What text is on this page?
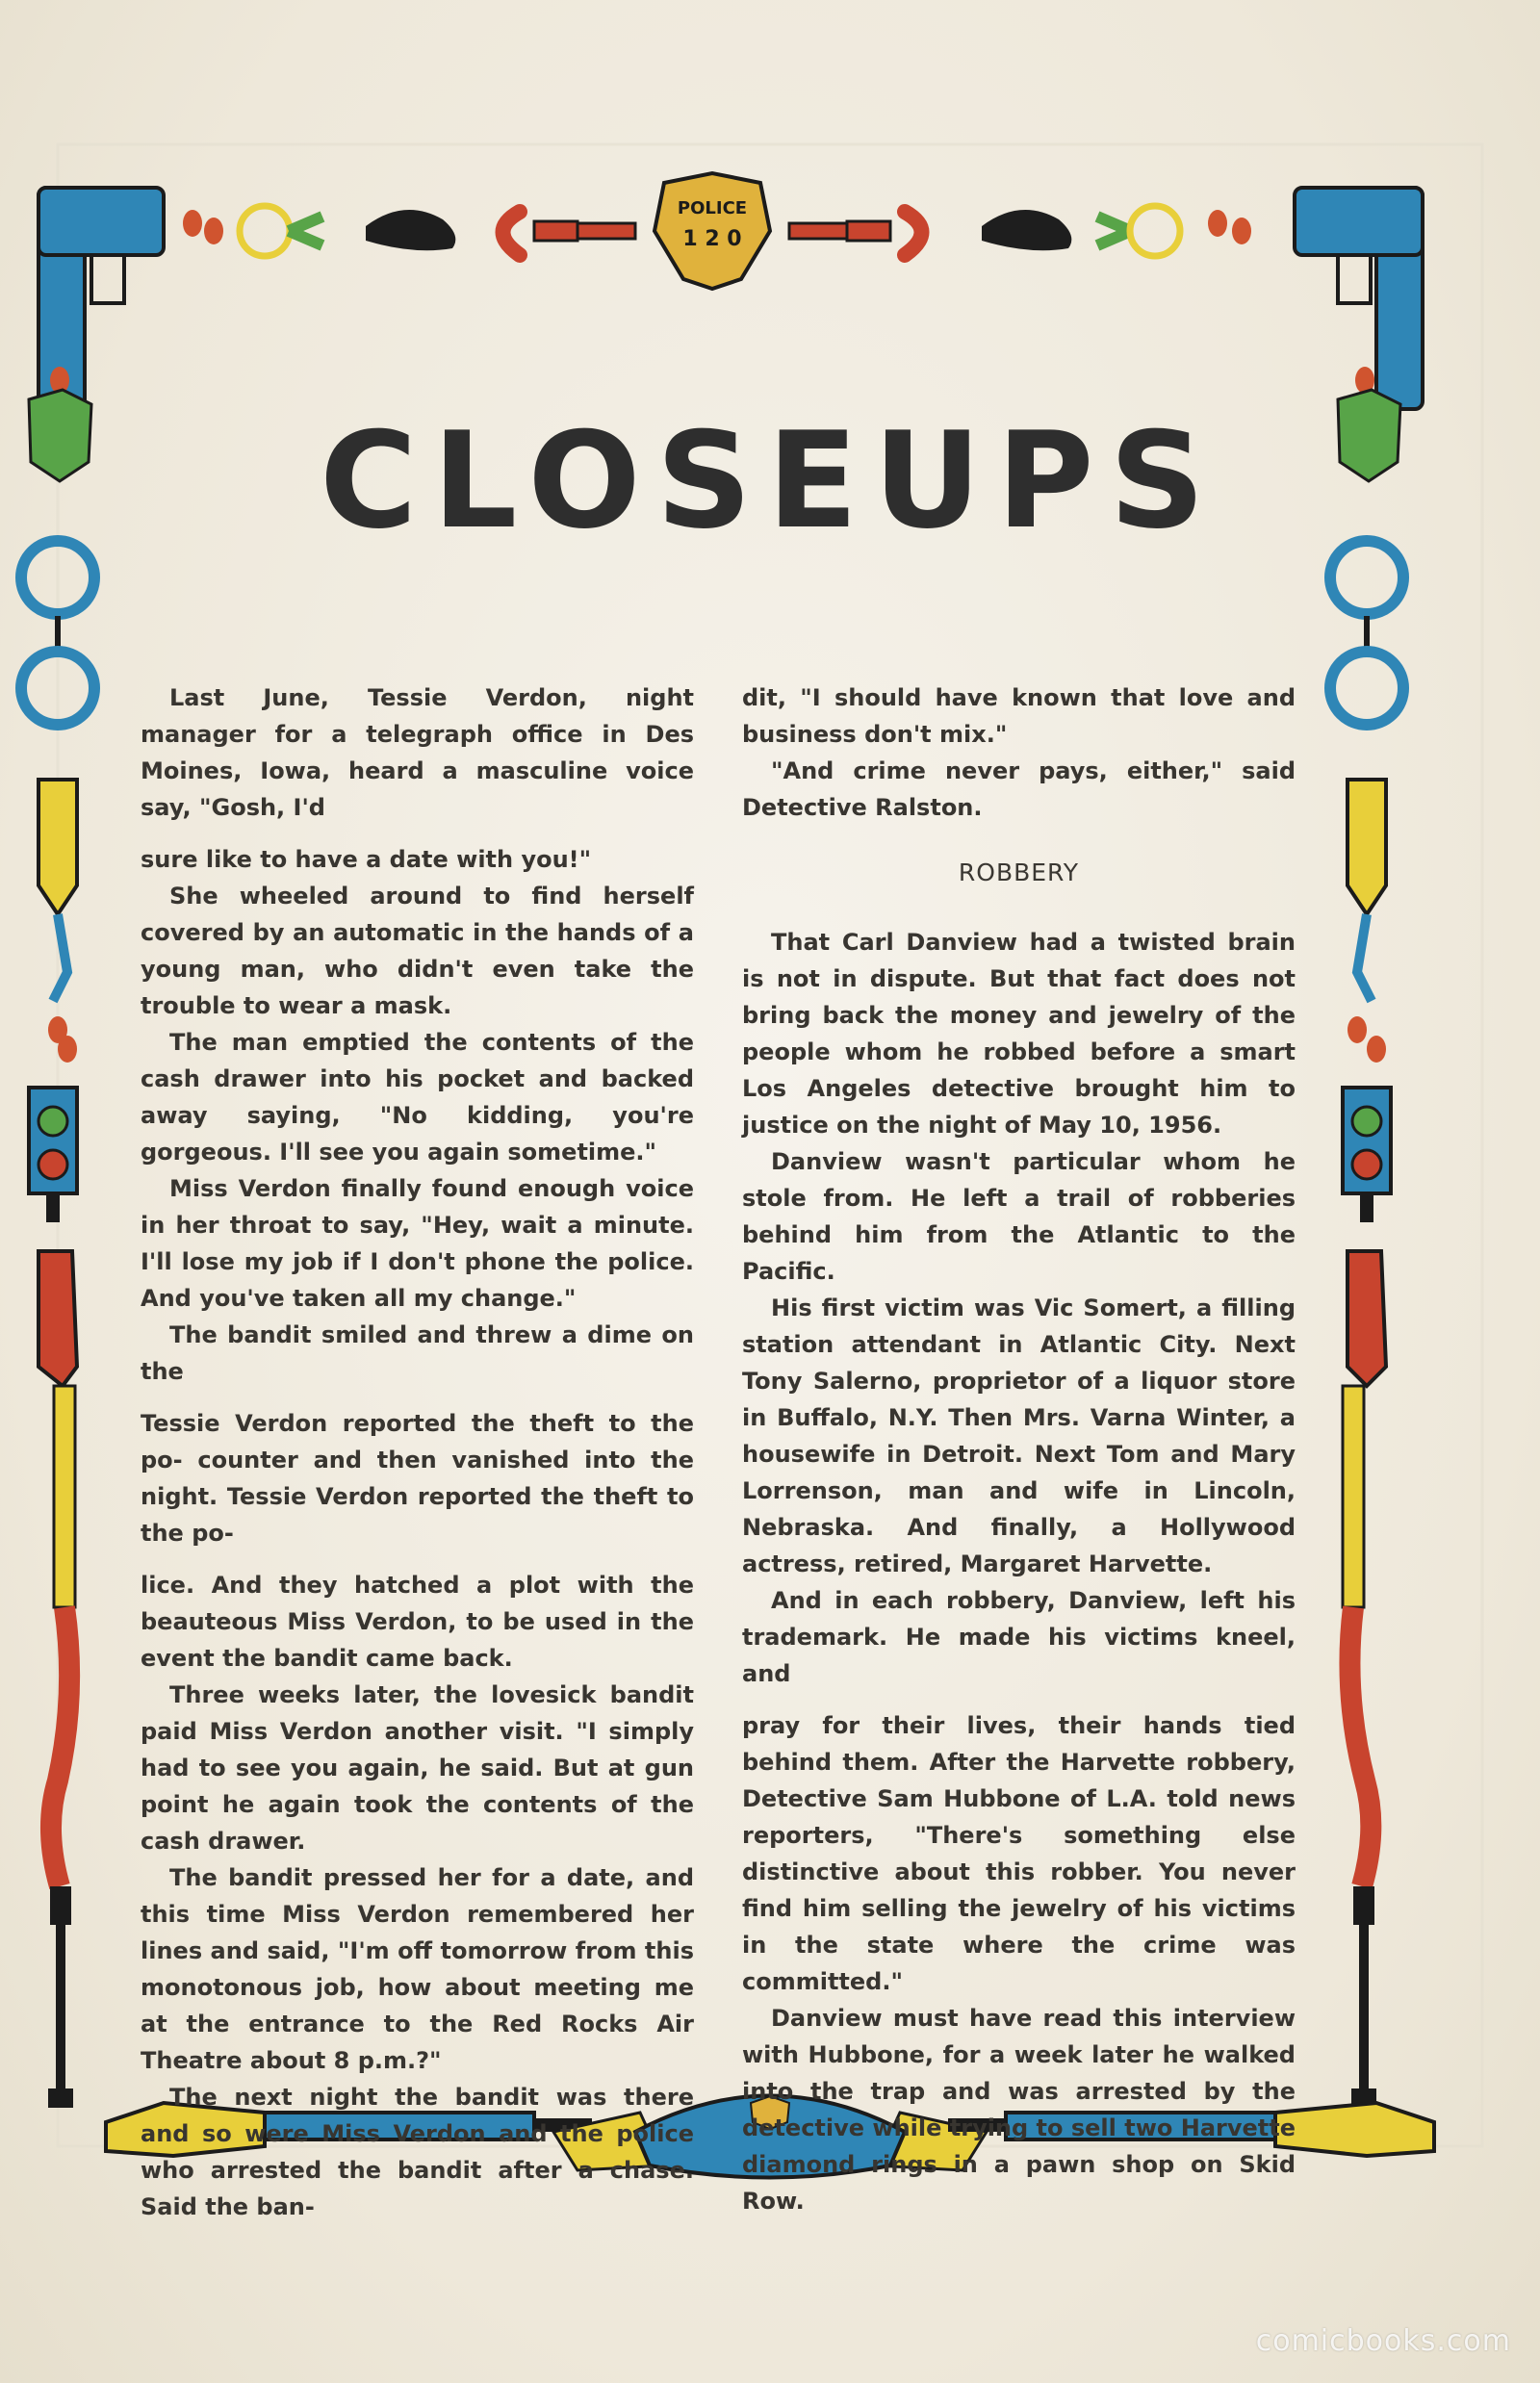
POLICE
1 2 0
CLOSEUPS

Last June, Tessie Verdon, night manager for a telegraph office in Des Moines, Iowa, heard a masculine voice say, "Gosh, I'd

sure like to have a date with you!"

She wheeled around to find herself covered by an automatic in the hands of a young man, who didn't even take the trouble to wear a mask.

The man emptied the contents of the cash drawer into his pocket and backed away saying, "No kidding, you're gorgeous. I'll see you again sometime."

Miss Verdon finally found enough voice in her throat to say, "Hey, wait a minute. I'll lose my job if I don't phone the police. And you've taken all my change."

The bandit smiled and threw a dime on the

Tessie Verdon reported the theft to the po- counter and then vanished into the night. Tessie Verdon reported the theft to the po-

lice. And they hatched a plot with the beauteous Miss Verdon, to be used in the event the bandit came back.

Three weeks later, the lovesick bandit paid Miss Verdon another visit. "I simply had to see you again, he said. But at gun point he again took the contents of the cash drawer.

The bandit pressed her for a date, and this time Miss Verdon remembered her lines and said, "I'm off tomorrow from this monotonous job, how about meeting me at the entrance to the Red Rocks Air Theatre about 8 p.m.?"

The next night the bandit was there and so were Miss Verdon and the police who arrested the bandit after a chase. Said the ban-

dit, "I should have known that love and business don't mix."

"And crime never pays, either," said Detective Ralston.

ROBBERY

That Carl Danview had a twisted brain is not in dispute. But that fact does not bring back the money and jewelry of the people whom he robbed before a smart Los Angeles detective brought him to justice on the night of May 10, 1956.

Danview wasn't particular whom he stole from. He left a trail of robberies behind him from the Atlantic to the Pacific.

His first victim was Vic Somert, a filling station attendant in Atlantic City. Next Tony Salerno, proprietor of a liquor store in Buffalo, N.Y. Then Mrs. Varna Winter, a housewife in Detroit. Next Tom and Mary Lorrenson, man and wife in Lincoln, Nebraska. And finally, a Hollywood actress, retired, Margaret Harvette.

And in each robbery, Danview, left his trademark. He made his victims kneel, and

pray for their lives, their hands tied behind them. After the Harvette robbery, Detective Sam Hubbone of L.A. told news reporters, "There's something else distinctive about this robber. You never find him selling the jewelry of his victims in the state where the crime was committed."

Danview must have read this interview with Hubbone, for a week later he walked into the trap and was arrested by the detective while trying to sell two Harvette diamond rings in a pawn shop on Skid Row.

comicbooks.com
